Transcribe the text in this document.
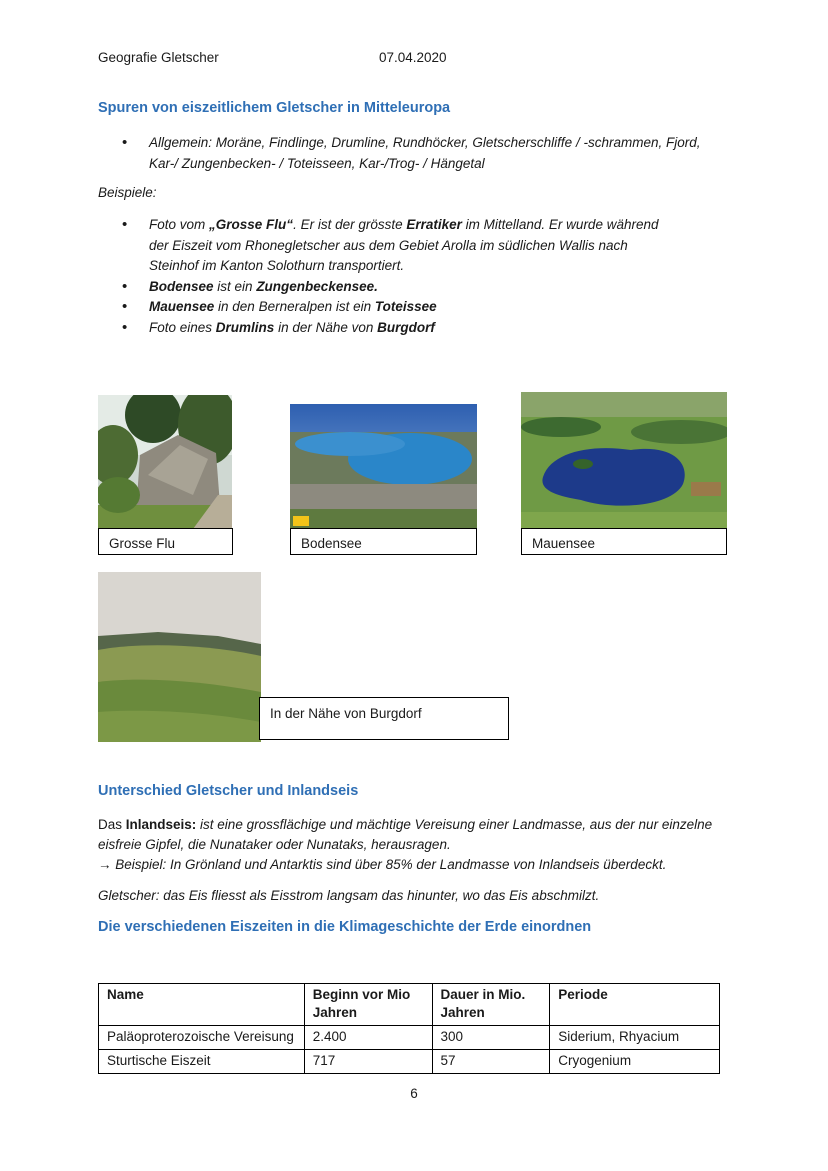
Geografie Gletscher	07.04.2020
Spuren von eiszeitlichem Gletscher in Mitteleuropa
• Allgemein: Moräne, Findlinge, Drumline, Rundhöcker, Gletscherschliffe / -schrammen, Fjord,
Kar-/ Zungenbecken- / Toteisseen, Kar-/Trog- / Hängetal
Beispiele:
• Foto vom „Grosse Flu“. Er ist der grösste Erratiker im Mittelland. Er wurde während
der Eiszeit vom Rhonegletscher aus dem Gebiet Arolla im südlichen Wallis nach
Steinhof im Kanton Solothurn transportiert.
• Bodensee ist ein Zungenbeckensee.
• Mauensee in den Berneralpen ist ein Toteissee
• Foto eines Drumlins in der Nähe von Burgdorf
Grosse Flu	Bodensee	Mauensee
In der Nähe von Burgdorf
Unterschied Gletscher und Inlandseis
Das Inlandseis: ist eine grossflächige und mächtige Vereisung einer Landmasse, aus der nur einzelne
eisfreie Gipfel, die Nunataker oder Nunataks, herausragen.
→ Beispiel: In Grönland und Antarktis sind über 85% der Landmasse von Inlandseis überdeckt.
Gletscher: das Eis fliesst als Eisstrom langsam das hinunter, wo das Eis abschmilzt.
Die verschiedenen Eiszeiten in die Klimageschichte der Erde einordnen
Name	Beginn vor Mio Jahren	Dauer in Mio. Jahren	Periode
Paläoproterozoische Vereisung	2.400	300	Siderium, Rhyacium
Sturtische Eiszeit	717	57	Cryogenium
6
